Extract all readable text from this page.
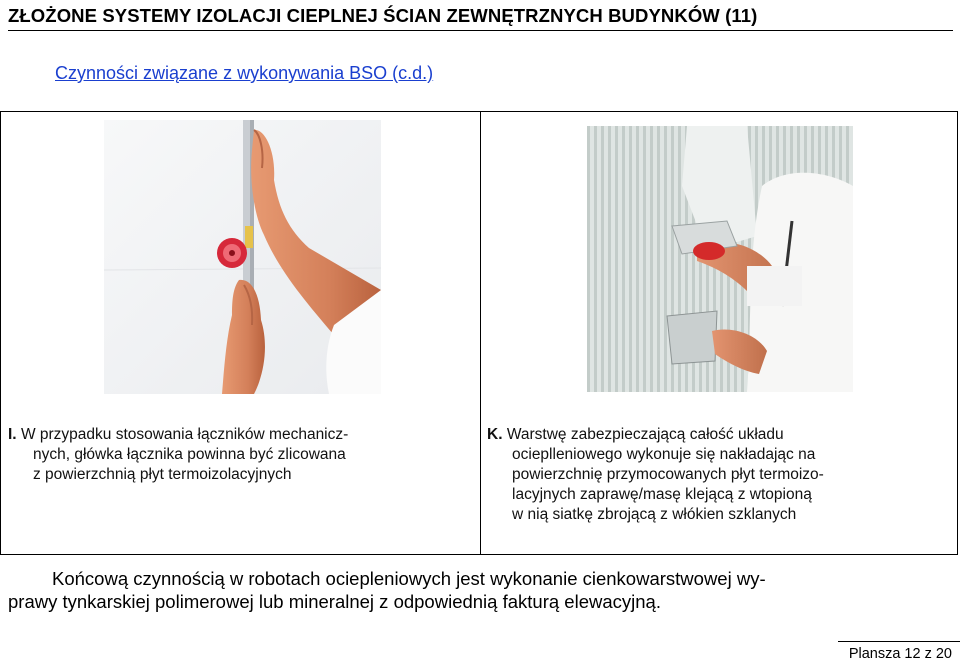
ZŁOŻONE SYSTEMY IZOLACJI CIEPLNEJ ŚCIAN ZEWNĘTRZNYCH BUDYNKÓW (11)
Czynności związane z wykonywania BSO (c.d.)
I. W przypadku stosowania łączników mechanicz-
nych, główka łącznika powinna być zlicowana
z powierzchnią płyt termoizolacyjnych
K. Warstwę zabezpieczającą całość układu
ocieplleniowego wykonuje się nakładając na
powierzchnię przymocowanych płyt termoizo-
lacyjnych zaprawę/masę klejącą z wtopioną
w nią siatkę zbrojącą z włókien szklanych
Końcową czynnością w robotach ociepleniowych jest wykonanie cienkowarstwowej wy-
prawy tynkarskiej polimerowej lub mineralnej z odpowiednią fakturą elewacyjną.
Plansza 12 z 20
